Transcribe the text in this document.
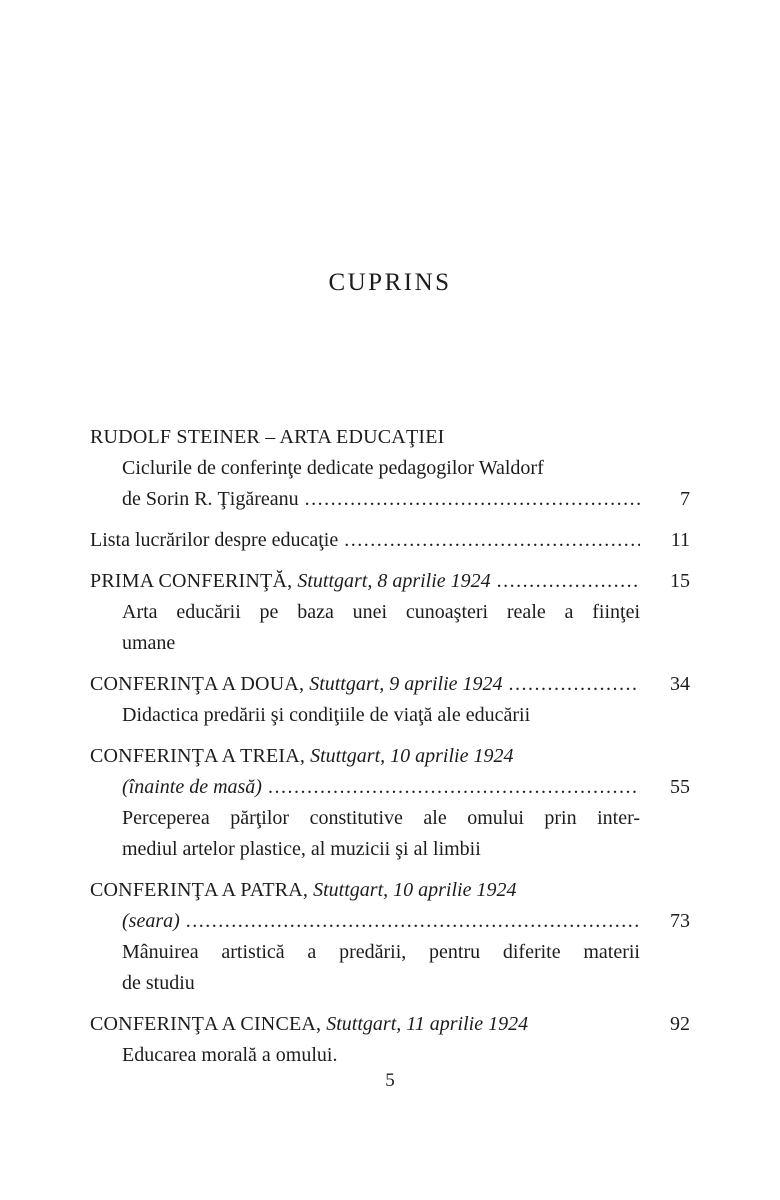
CUPRINS
RUDOLF STEINER – ARTA EDUCAŢIEI
Ciclurile de conferinţe dedicate pedagogilor Waldorf
de Sorin R. Ţigăreanu .....	7
Lista lucrărilor despre educaţie .....	11
PRIMA CONFERINŢĂ, Stuttgart, 8 aprilie 1924 .....	15
Arta educării pe baza unei cunoaşteri reale a fiinţei
umane
CONFERINŢA A DOUA, Stuttgart, 9 aprilie 1924 .....	34
Didactica predării şi condiţiile de viaţă ale educării
CONFERINŢA A TREIA, Stuttgart, 10 aprilie 1924
(înainte de masă) .....	55
Perceperea părţilor constitutive ale omului prin inter-
mediul artelor plastice, al muzicii şi al limbii
CONFERINŢA A PATRA, Stuttgart, 10 aprilie 1924
(seara) .....	73
Mânuirea artistică a predării, pentru diferite materii
de studiu
CONFERINŢA A CINCEA, Stuttgart, 11 aprilie 1924	92
Educarea morală a omului.
5
